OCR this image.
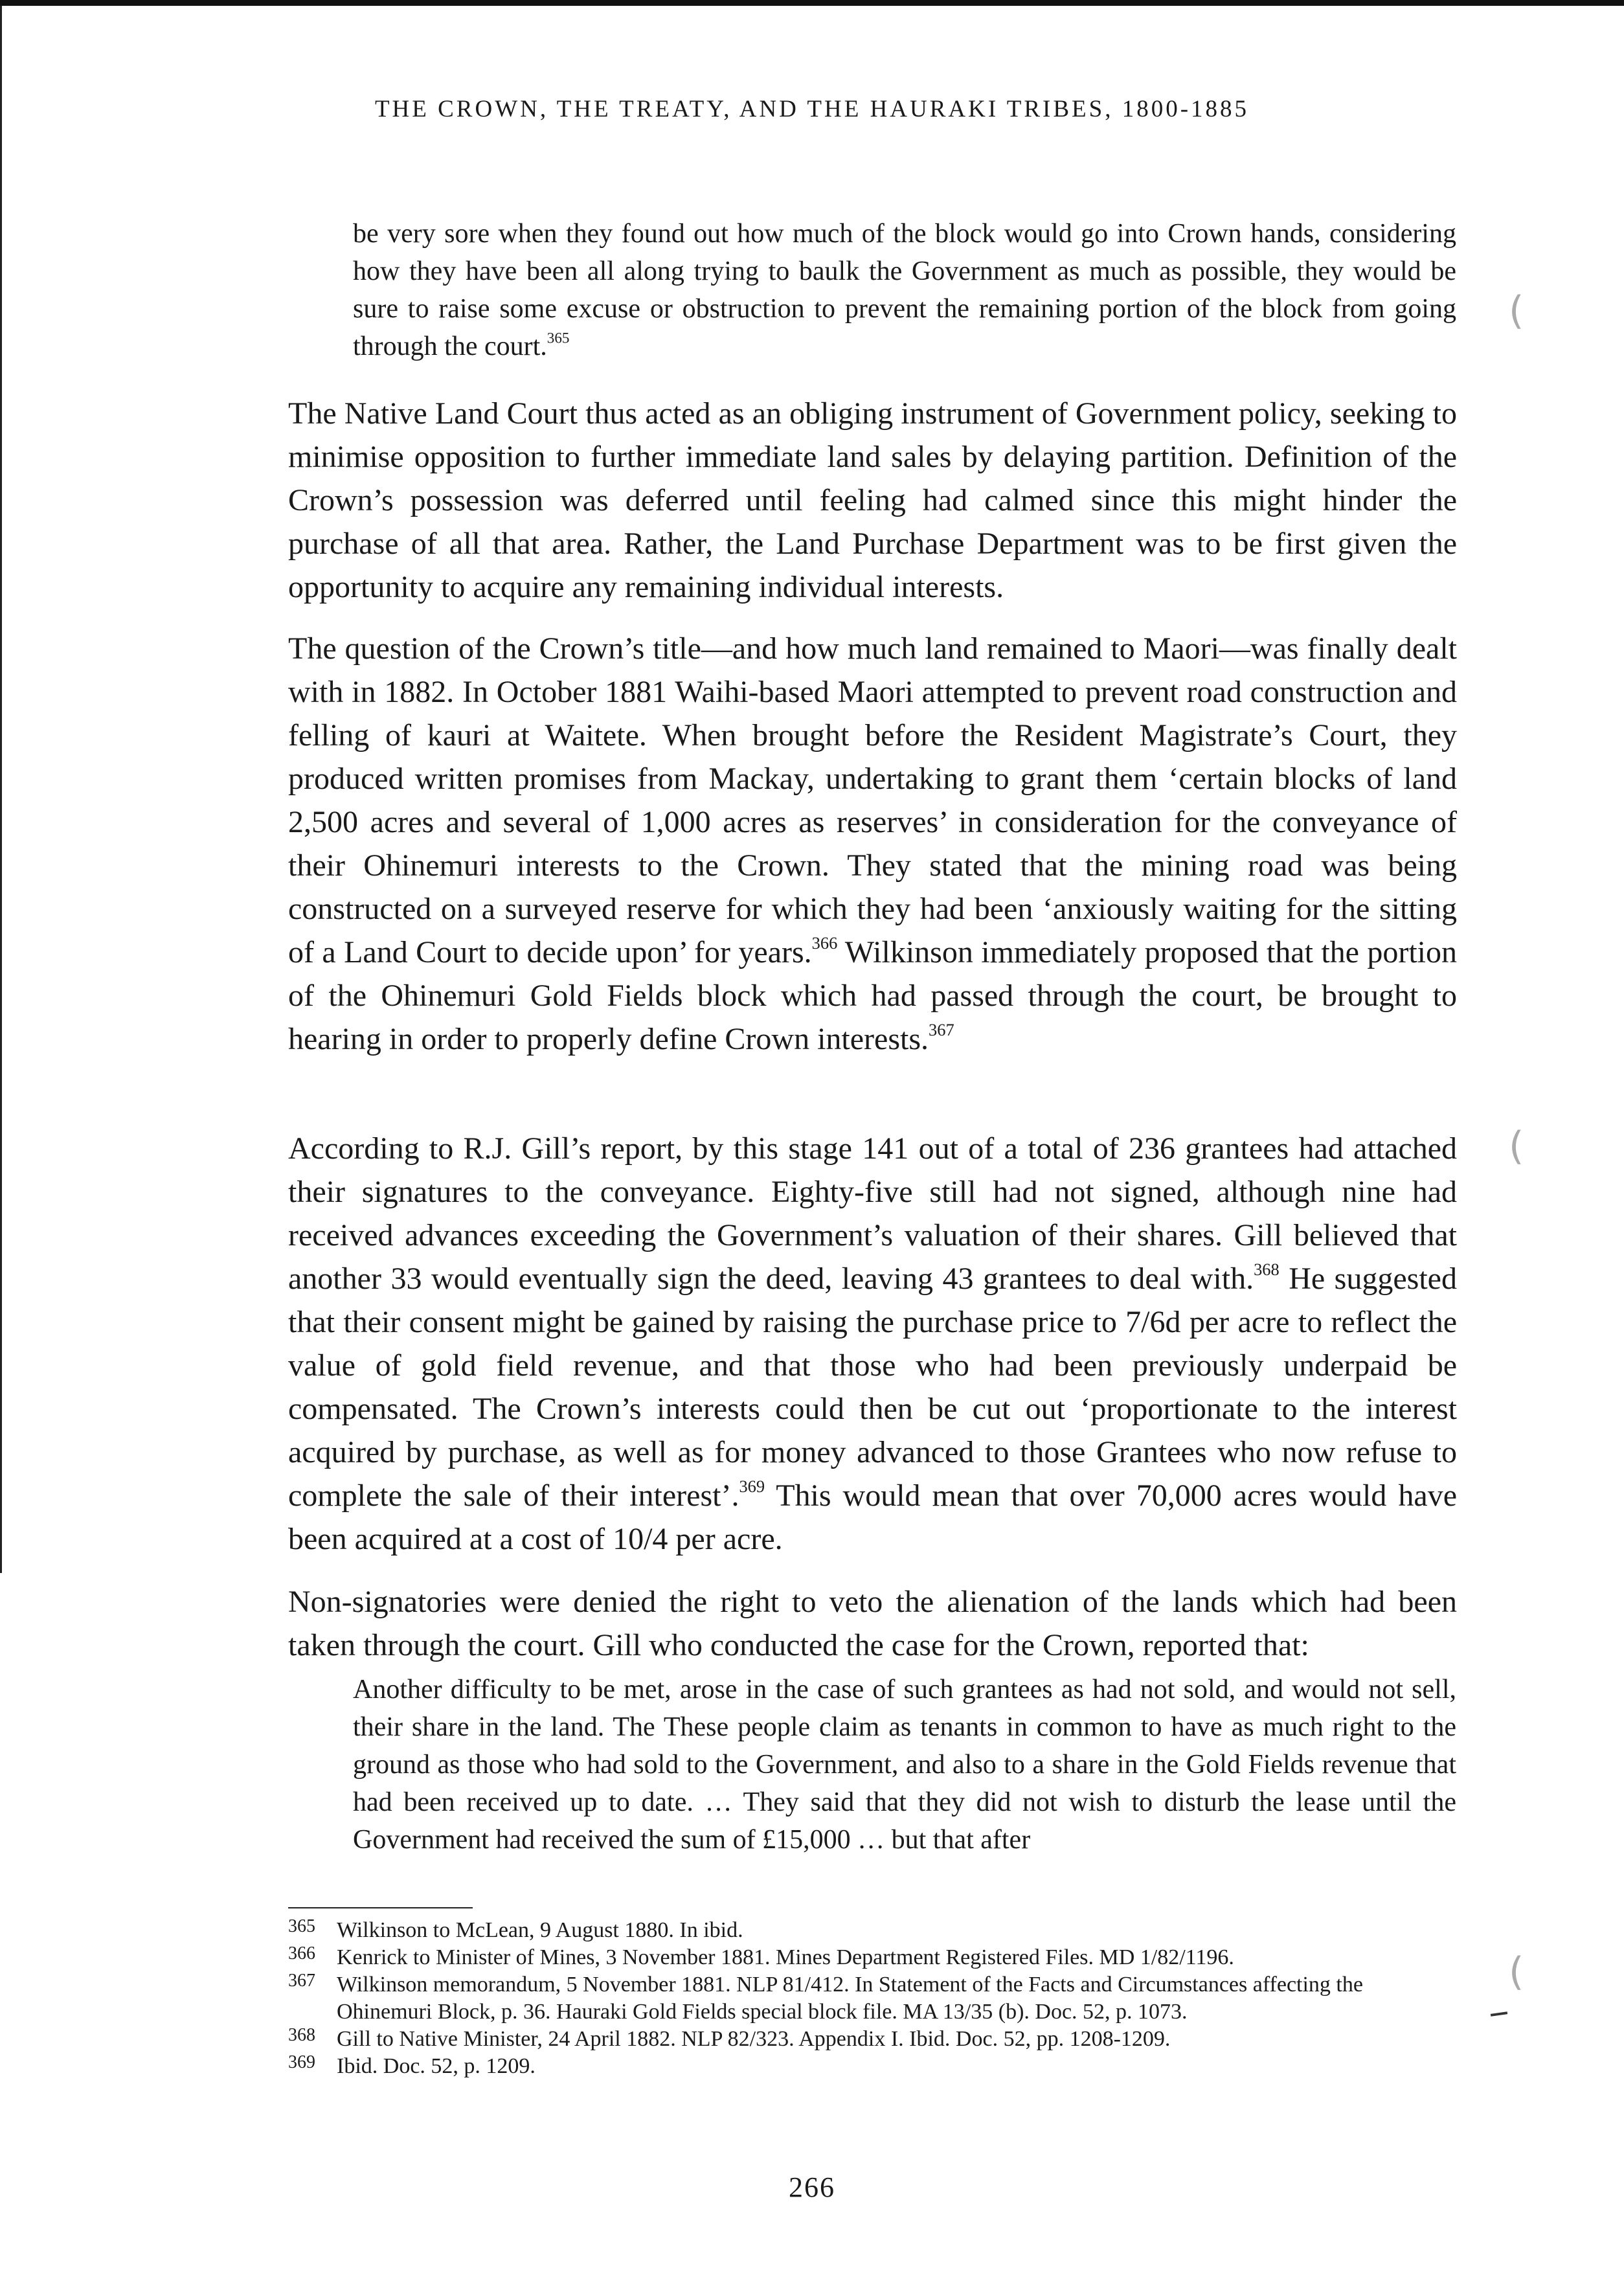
THE CROWN, THE TREATY, AND THE HAURAKI TRIBES, 1800-1885
be very sore when they found out how much of the block would go into Crown hands, considering how they have been all along trying to baulk the Government as much as possible, they would be sure to raise some excuse or obstruction to prevent the remaining portion of the block from going through the court.$^{365}$
The Native Land Court thus acted as an obliging instrument of Government policy, seeking to minimise opposition to further immediate land sales by delaying partition. Definition of the Crown’s possession was deferred until feeling had calmed since this might hinder the purchase of all that area. Rather, the Land Purchase Department was to be first given the opportunity to acquire any remaining individual interests.
The question of the Crown’s title—and how much land remained to Maori—was finally dealt with in 1882. In October 1881 Waihi-based Maori attempted to prevent road construction and felling of kauri at Waitete. When brought before the Resident Magistrate’s Court, they produced written promises from Mackay, undertaking to grant them ‘certain blocks of land 2,500 acres and several of 1,000 acres as reserves’ in consideration for the conveyance of their Ohinemuri interests to the Crown. They stated that the mining road was being constructed on a surveyed reserve for which they had been ‘anxiously waiting for the sitting of a Land Court to decide upon’ for years.$^{366}$ Wilkinson immediately proposed that the portion of the Ohinemuri Gold Fields block which had passed through the court, be brought to hearing in order to properly define Crown interests.$^{367}$
According to R.J. Gill’s report, by this stage 141 out of a total of 236 grantees had attached their signatures to the conveyance. Eighty-five still had not signed, although nine had received advances exceeding the Government’s valuation of their shares. Gill believed that another 33 would eventually sign the deed, leaving 43 grantees to deal with.$^{368}$ He suggested that their consent might be gained by raising the purchase price to 7/6d per acre to reflect the value of gold field revenue, and that those who had been previously underpaid be compensated. The Crown’s interests could then be cut out ‘proportionate to the interest acquired by purchase, as well as for money advanced to those Grantees who now refuse to complete the sale of their interest’.$^{369}$ This would mean that over 70,000 acres would have been acquired at a cost of 10/4 per acre.
Non-signatories were denied the right to veto the alienation of the lands which had been taken through the court. Gill who conducted the case for the Crown, reported that:
Another difficulty to be met, arose in the case of such grantees as had not sold, and would not sell, their share in the land. The These people claim as tenants in common to have as much right to the ground as those who had sold to the Government, and also to a share in the Gold Fields revenue that had been received up to date. … They said that they did not wish to disturb the lease until the Government had received the sum of £15,000 … but that after
365 Wilkinson to McLean, 9 August 1880. In ibid.
366 Kenrick to Minister of Mines, 3 November 1881. Mines Department Registered Files. MD 1/82/1196.
367 Wilkinson memorandum, 5 November 1881. NLP 81/412. In Statement of the Facts and Circumstances affecting the Ohinemuri Block, p. 36. Hauraki Gold Fields special block file. MA 13/35 (b). Doc. 52, p. 1073.
368 Gill to Native Minister, 24 April 1882. NLP 82/323. Appendix I. Ibid. Doc. 52, pp. 1208-1209.
369 Ibid. Doc. 52, p. 1209.
266
(
(
(
